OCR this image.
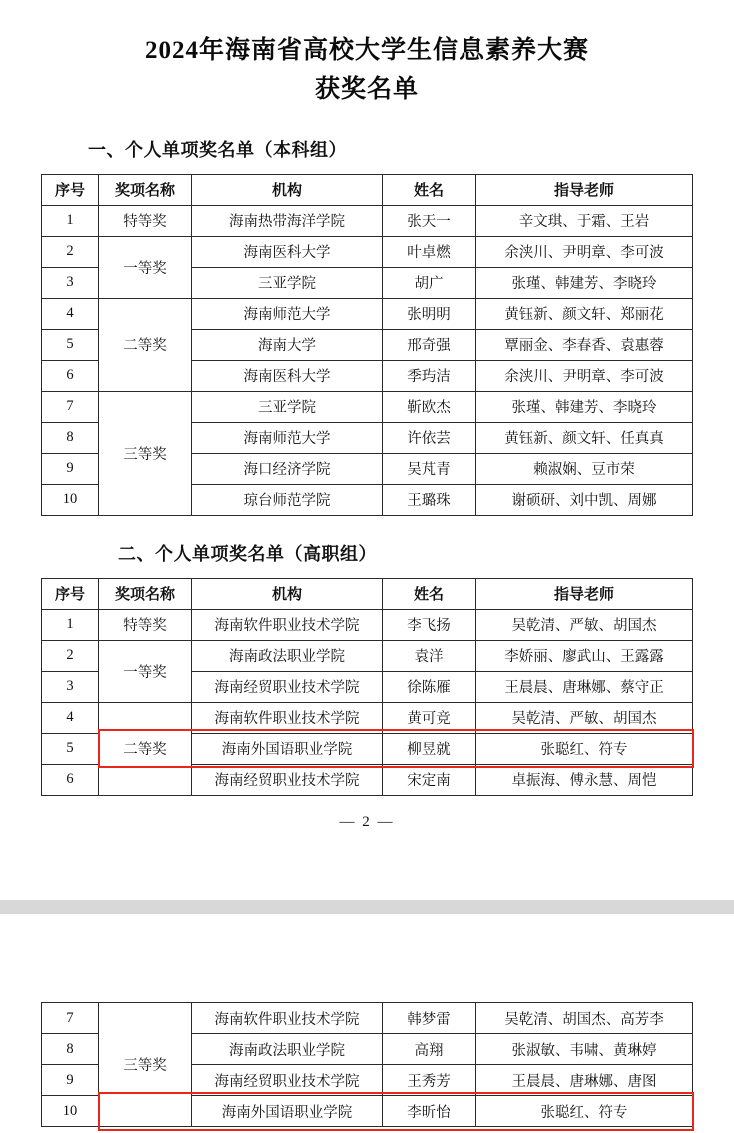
2024年海南省高校大学生信息素养大赛
获奖名单
一、个人单项奖名单（本科组）
序号	奖项名称	机构	姓名	指导老师
1	特等奖	海南热带海洋学院	张天一	辛文琪、于霜、王岩
2	一等奖	海南医科大学	叶卓燃	余浃川、尹明章、李可波
3		三亚学院	胡广	张瑾、韩建芳、李晓玲
4	二等奖	海南师范大学	张明明	黄钰新、颜文轩、郑丽花
5		海南大学	邢奇强	覃丽金、李春香、袁惠蓉
6		海南医科大学	季玙洁	余浃川、尹明章、李可波
7	三等奖	三亚学院	靳欧杰	张瑾、韩建芳、李晓玲
8		海南师范大学	许依芸	黄钰新、颜文轩、任真真
9		海口经济学院	吴芃青	赖淑娴、豆市荣
10		琼台师范学院	王璐珠	谢硕研、刘中凯、周娜
二、个人单项奖名单（高职组）
序号	奖项名称	机构	姓名	指导老师
1	特等奖	海南软件职业技术学院	李飞扬	吴乾清、严敏、胡国杰
2	一等奖	海南政法职业学院	袁洋	李娇丽、廖武山、王露露
3		海南经贸职业技术学院	徐陈雁	王晨晨、唐琳娜、蔡守正
4	二等奖	海南软件职业技术学院	黄可竞	吴乾清、严敏、胡国杰
5		海南外国语职业学院	柳昱就	张聪红、符专
6		海南经贸职业技术学院	宋定南	卓振海、傅永慧、周恺
— 2 —
7	三等奖	海南软件职业技术学院	韩梦雷	吴乾清、胡国杰、高芳李
8		海南政法职业学院	高翔	张淑敏、韦啸、黄琳婷
9		海南经贸职业技术学院	王秀芳	王晨晨、唐琳娜、唐图
10		海南外国语职业学院	李昕怡	张聪红、符专
